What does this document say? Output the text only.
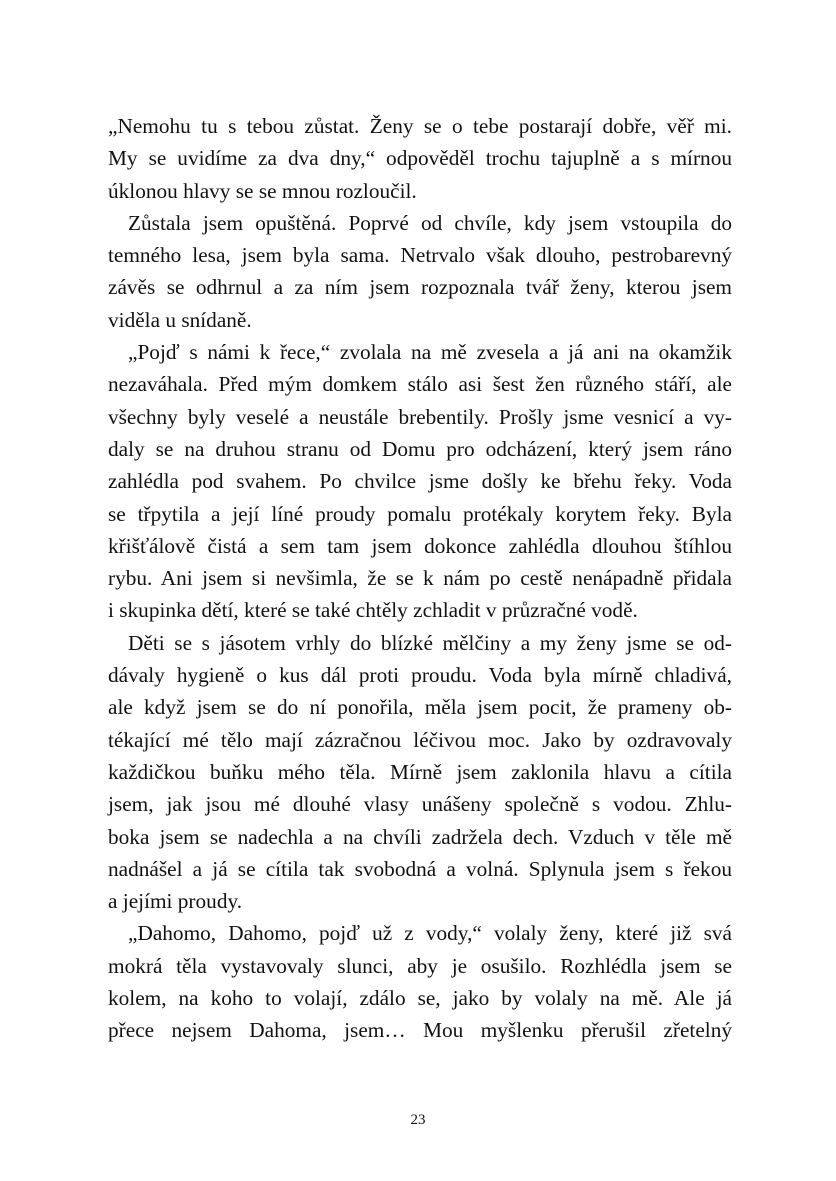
„Nemohu tu s tebou zůstat. Ženy se o tebe postarají dobře, věř mi.
My se uvidíme za dva dny,“ odpověděl trochu tajuplně a s mírnou
úklonou hlavy se se mnou rozloučil.
Zůstala jsem opuštěná. Poprvé od chvíle, kdy jsem vstoupila do
temného lesa, jsem byla sama. Netrvalo však dlouho, pestrobarevný
závěs se odhrnul a za ním jsem rozpoznala tvář ženy, kterou jsem
viděla u snídaně.
„Pojď s námi k řece,“ zvolala na mě zvesela a já ani na okamžik
nezaváhala. Před mým domkem stálo asi šest žen různého stáří, ale
všechny byly veselé a neustále brebentily. Prošly jsme vesnicí a vy-
daly se na druhou stranu od Domu pro odcházení, který jsem ráno
zahlédla pod svahem. Po chvilce jsme došly ke břehu řeky. Voda
se třpytila a její líné proudy pomalu protékaly korytem řeky. Byla
křišťálově čistá a sem tam jsem dokonce zahlédla dlouhou štíhlou
rybu. Ani jsem si nevšimla, že se k nám po cestě nenápadně přidala
i skupinka dětí, které se také chtěly zchladit v průzračné vodě.
Děti se s jásotem vrhly do blízké mělčiny a my ženy jsme se od-
dávaly hygieně o kus dál proti proudu. Voda byla mírně chladivá,
ale když jsem se do ní ponořila, měla jsem pocit, že prameny ob-
tékající mé tělo mají zázračnou léčivou moc. Jako by ozdravovaly
každičkou buňku mého těla. Mírně jsem zaklonila hlavu a cítila
jsem, jak jsou mé dlouhé vlasy unášeny společně s vodou. Zhlu-
boka jsem se nadechla a na chvíli zadržela dech. Vzduch v těle mě
nadnášel a já se cítila tak svobodná a volná. Splynula jsem s řekou
a jejími proudy.
„Dahomo, Dahomo, pojď už z vody,“ volaly ženy, které již svá
mokrá těla vystavovaly slunci, aby je osušilo. Rozhlédla jsem se
kolem, na koho to volají, zdálo se, jako by volaly na mě. Ale já
přece nejsem Dahoma, jsem… Mou myšlenku přerušil zřetelný
23
